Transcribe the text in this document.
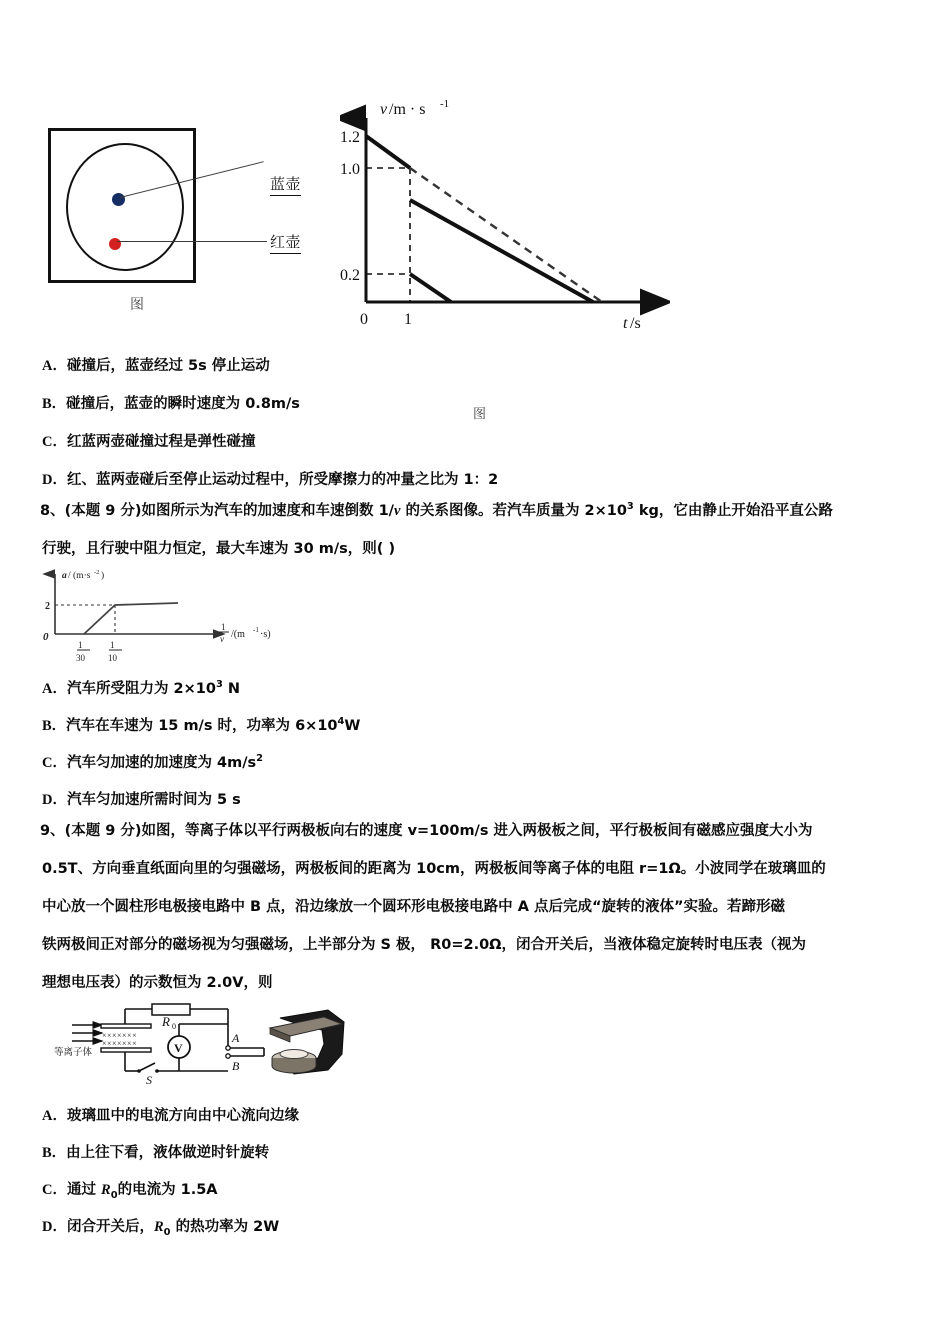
蓝壶
红壶
图
v /m · s -1
1.2
1.0
0.2
0 1	t /s
图
A．碰撞后，蓝壶经过 5s 停止运动
B．碰撞后，蓝壶的瞬时速度为 0.8m/s
C．红蓝两壶碰撞过程是弹性碰撞
D．红、蓝两壶碰后至停止运动过程中，所受摩擦力的冲量之比为 1：2
8、(本题 9 分)如图所示为汽车的加速度和车速倒数 1/v 的关系图像。若汽车质量为 $2\times 10^3$ kg，它由静止开始沿平直公路
行驶，且行驶中阻力恒定，最大车速为 30 m/s，则( )
a / (m·s -2 )
2
0
1
30
1
10
1
v /(m -1 ·s)
A．汽车所受阻力为 $2\times 10^3$ N
B．汽车在车速为 15 m/s 时，功率为 $6\times 10^4W$
C．汽车匀加速的加速度为 $4m/s^2$
D．汽车匀加速所需时间为 5 s
9、(本题 9 分)如图，等离子体以平行两极板向右的速度 v=100m/s 进入两极板之间，平行极板间有磁感应强度大小为
0.5T、方向垂直纸面向里的匀强磁场，两极板间的距离为 10cm，两极板间等离子体的电阻 r=1Ω。小波同学在玻璃皿的
中心放一个圆柱形电极接电路中 B 点，沿边缘放一个圆环形电极接电路中 A 点后完成“旋转的液体”实验。若蹄形磁
铁两极间正对部分的磁场视为匀强磁场，上半部分为 S 极， R0=2.0Ω，闭合开关后，当液体稳定旋转时电压表（视为
理想电压表）的示数恒为 2.0V，则
×××××××
×××××××
等离子体
R 0
S
V
A
B
A．玻璃皿中的电流方向由中心流向边缘
B．由上往下看，液体做逆时针旋转
C．通过 $R_0$的电流为 1.5A
D．闭合开关后，$R_0$ 的热功率为 2W
